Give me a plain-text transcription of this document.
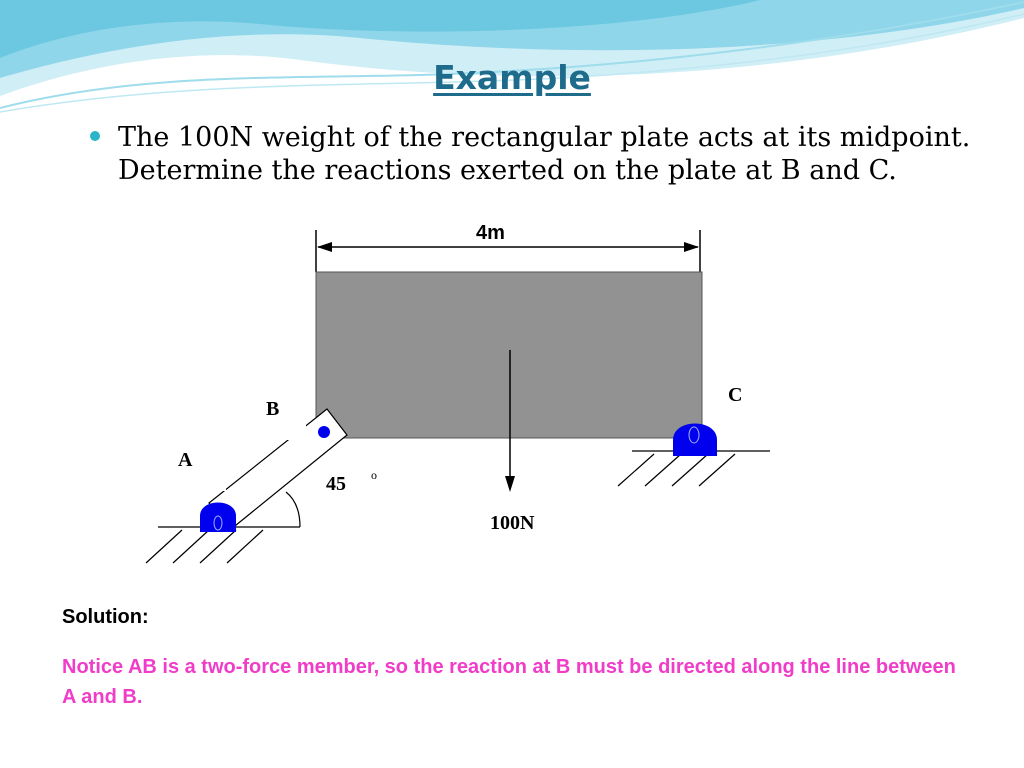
Example
The 100N weight of the rectangular plate acts at its midpoint. Determine the reactions exerted on the plate at B and C.
4m
B
C
A
45 o
100N
Solution:
Notice AB is a two-force member, so the reaction at B must be directed along the line between A and B.
